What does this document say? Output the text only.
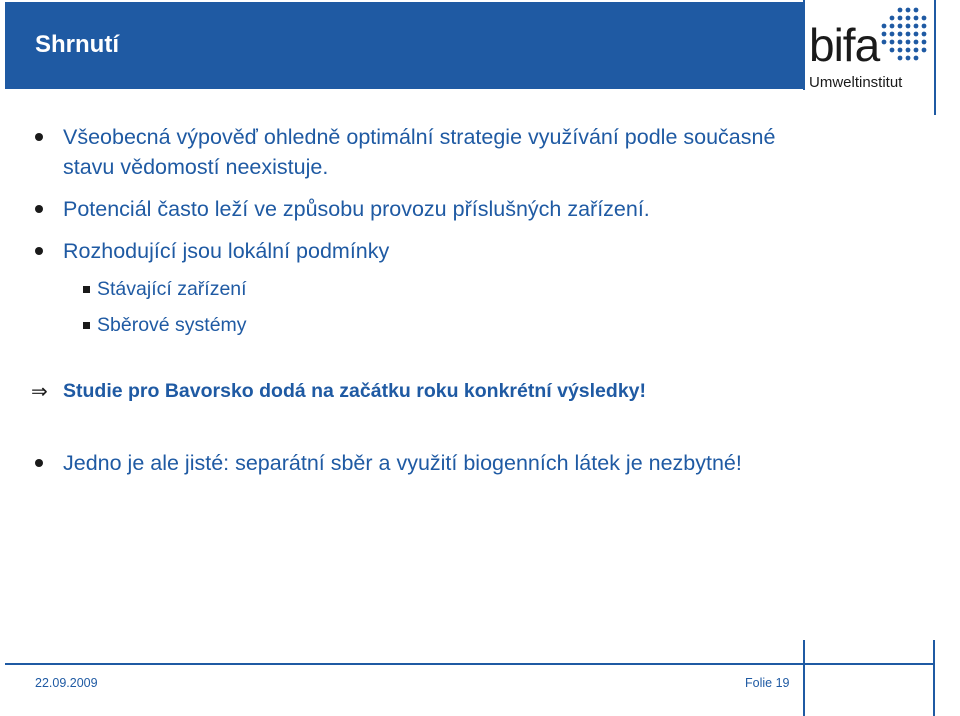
Shrnutí	bifa
Umweltinstitut
Všeobecná výpověď ohledně optimální strategie využívání podle současné stavu vědomostí neexistuje.
Potenciál často leží ve způsobu provozu příslušných zařízení.
Rozhodující jsou lokální podmínky
Stávající zařízení
Sběrové systémy
⇒ Studie pro Bavorsko dodá na začátku roku konkrétní výsledky!
Jedno je ale jisté: separátní sběr a využití biogenních látek je nezbytné!
22.09.2009	Folie 19
